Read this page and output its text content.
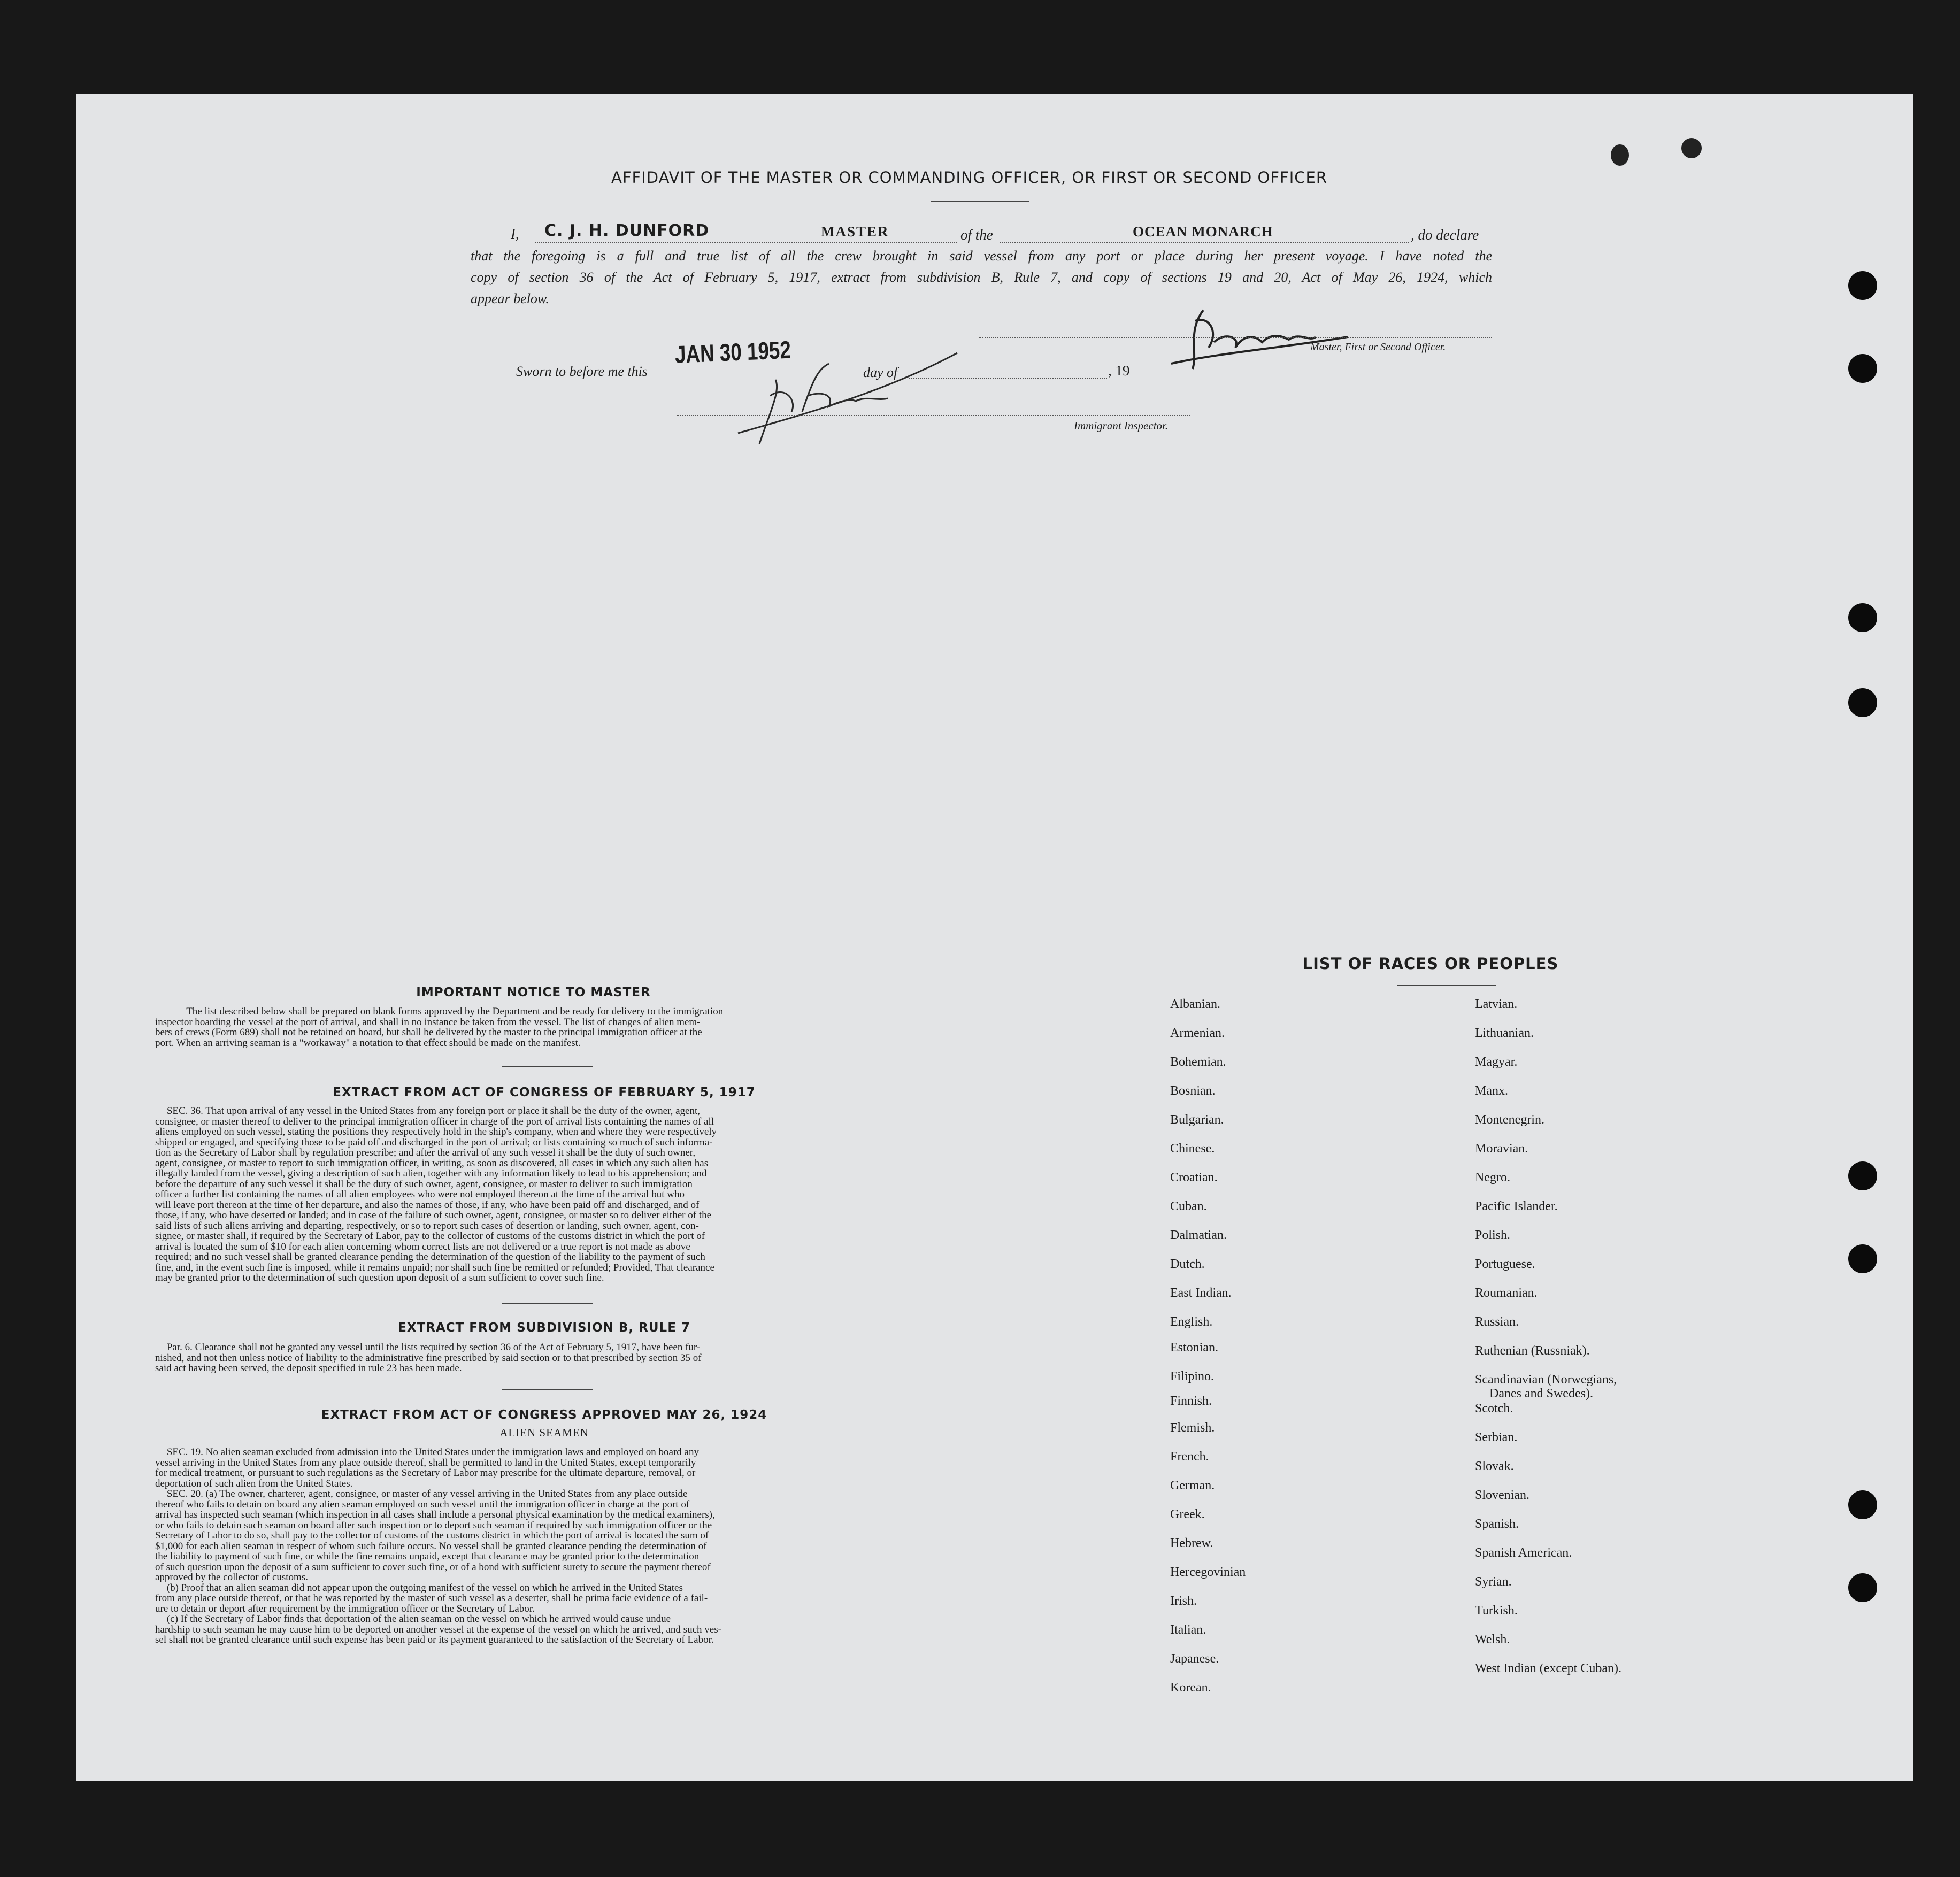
AFFIDAVIT OF THE MASTER OR COMMANDING OFFICER, OR FIRST OR SECOND OFFICER
I, C. J. H. DUNFORD	MASTER	of the	OCEAN MONARCH	, do declare
that the foregoing is a full and true list of all the crew brought in said vessel from any port or place during her present voyage. I have noted the
copy of section 36 of the Act of February 5, 1917, extract from subdivision B, Rule 7, and copy of sections 19 and 20, Act of May 26, 1924, which
appear below.
Master, First or Second Officer.
Sworn to before me this
JAN 30 1952
day of	, 19
Immigrant Inspector.
IMPORTANT NOTICE TO MASTER
The list described below shall be prepared on blank forms approved by the Department and be ready for delivery to the immigration
inspector boarding the vessel at the port of arrival, and shall in no instance be taken from the vessel. The list of changes of alien mem-
bers of crews (Form 689) shall not be retained on board, but shall be delivered by the master to the principal immigration officer at the
port. When an arriving seaman is a "workaway" a notation to that effect should be made on the manifest.
EXTRACT FROM ACT OF CONGRESS OF FEBRUARY 5, 1917
SEC. 36. That upon arrival of any vessel in the United States from any foreign port or place it shall be the duty of the owner, agent,
consignee, or master thereof to deliver to the principal immigration officer in charge of the port of arrival lists containing the names of all
aliens employed on such vessel, stating the positions they respectively hold in the ship's company, when and where they were respectively
shipped or engaged, and specifying those to be paid off and discharged in the port of arrival; or lists containing so much of such informa-
tion as the Secretary of Labor shall by regulation prescribe; and after the arrival of any such vessel it shall be the duty of such owner,
agent, consignee, or master to report to such immigration officer, in writing, as soon as discovered, all cases in which any such alien has
illegally landed from the vessel, giving a description of such alien, together with any information likely to lead to his apprehension; and
before the departure of any such vessel it shall be the duty of such owner, agent, consignee, or master to deliver to such immigration
officer a further list containing the names of all alien employees who were not employed thereon at the time of the arrival but who
will leave port thereon at the time of her departure, and also the names of those, if any, who have been paid off and discharged, and of
those, if any, who have deserted or landed; and in case of the failure of such owner, agent, consignee, or master so to deliver either of the
said lists of such aliens arriving and departing, respectively, or so to report such cases of desertion or landing, such owner, agent, con-
signee, or master shall, if required by the Secretary of Labor, pay to the collector of customs of the customs district in which the port of
arrival is located the sum of $10 for each alien concerning whom correct lists are not delivered or a true report is not made as above
required; and no such vessel shall be granted clearance pending the determination of the question of the liability to the payment of such
fine, and, in the event such fine is imposed, while it remains unpaid; nor shall such fine be remitted or refunded; Provided, That clearance
may be granted prior to the determination of such question upon deposit of a sum sufficient to cover such fine.
EXTRACT FROM SUBDIVISION B, RULE 7
Par. 6. Clearance shall not be granted any vessel until the lists required by section 36 of the Act of February 5, 1917, have been fur-
nished, and not then unless notice of liability to the administrative fine prescribed by said section or to that prescribed by section 35 of
said act having been served, the deposit specified in rule 23 has been made.
EXTRACT FROM ACT OF CONGRESS APPROVED MAY 26, 1924
ALIEN SEAMEN
SEC. 19. No alien seaman excluded from admission into the United States under the immigration laws and employed on board any
vessel arriving in the United States from any place outside thereof, shall be permitted to land in the United States, except temporarily
for medical treatment, or pursuant to such regulations as the Secretary of Labor may prescribe for the ultimate departure, removal, or
deportation of such alien from the United States.
SEC. 20. (a) The owner, charterer, agent, consignee, or master of any vessel arriving in the United States from any place outside
thereof who fails to detain on board any alien seaman employed on such vessel until the immigration officer in charge at the port of
arrival has inspected such seaman (which inspection in all cases shall include a personal physical examination by the medical examiners),
or who fails to detain such seaman on board after such inspection or to deport such seaman if required by such immigration officer or the
Secretary of Labor to do so, shall pay to the collector of customs of the customs district in which the port of arrival is located the sum of
$1,000 for each alien seaman in respect of whom such failure occurs. No vessel shall be granted clearance pending the determination of
the liability to payment of such fine, or while the fine remains unpaid, except that clearance may be granted prior to the determination
of such question upon the deposit of a sum sufficient to cover such fine, or of a bond with sufficient surety to secure the payment thereof
approved by the collector of customs.
(b) Proof that an alien seaman did not appear upon the outgoing manifest of the vessel on which he arrived in the United States
from any place outside thereof, or that he was reported by the master of such vessel as a deserter, shall be prima facie evidence of a fail-
ure to detain or deport after requirement by the immigration officer or the Secretary of Labor.
(c) If the Secretary of Labor finds that deportation of the alien seaman on the vessel on which he arrived would cause undue
hardship to such seaman he may cause him to be deported on another vessel at the expense of the vessel on which he arrived, and such ves-
sel shall not be granted clearance until such expense has been paid or its payment guaranteed to the satisfaction of the Secretary of Labor.
LIST OF RACES OR PEOPLES
Albanian.
Armenian.
Bohemian.
Bosnian.
Bulgarian.
Chinese.
Croatian.
Cuban.
Dalmatian.
Dutch.
East Indian.
English.
Estonian.
Filipino.
Finnish.
Flemish.
French.
German.
Greek.
Hebrew.
Hercegovinian
Irish.
Italian.
Japanese.
Korean.
Latvian.
Lithuanian.
Magyar.
Manx.
Montenegrin.
Moravian.
Negro.
Pacific Islander.
Polish.
Portuguese.
Roumanian.
Russian.
Ruthenian (Russniak).
Scandinavian (Norwegians,
Danes and Swedes).
Scotch.
Serbian.
Slovak.
Slovenian.
Spanish.
Spanish American.
Syrian.
Turkish.
Welsh.
West Indian (except Cuban).
